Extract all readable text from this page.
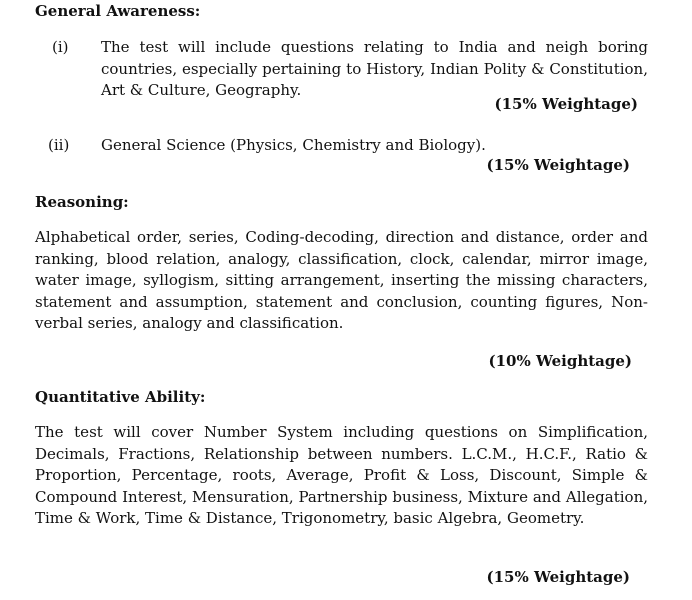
General Awareness:
(i) The test will include questions relating to India and neigh boring countries, especially pertaining to History, Indian Polity & Constitution, Art & Culture, Geography.
(15% Weightage)
(ii) General Science (Physics, Chemistry and Biology).
(15% Weightage)
Reasoning:
Alphabetical order, series, Coding-decoding, direction and distance, order and ranking, blood relation, analogy, classification, clock, calendar, mirror image, water image, syllogism, sitting arrangement, inserting the missing characters, statement and assumption, statement and conclusion, counting figures, Non-verbal series, analogy and classification.
(10% Weightage)
Quantitative Ability:
The test will cover Number System including questions on Simplification, Decimals, Fractions, Relationship between numbers. L.C.M., H.C.F., Ratio & Proportion, Percentage, roots, Average, Profit & Loss, Discount, Simple & Compound Interest, Mensuration, Partnership business, Mixture and Allegation, Time & Work, Time & Distance, Trigonometry, basic Algebra, Geometry.
(15% Weightage)
